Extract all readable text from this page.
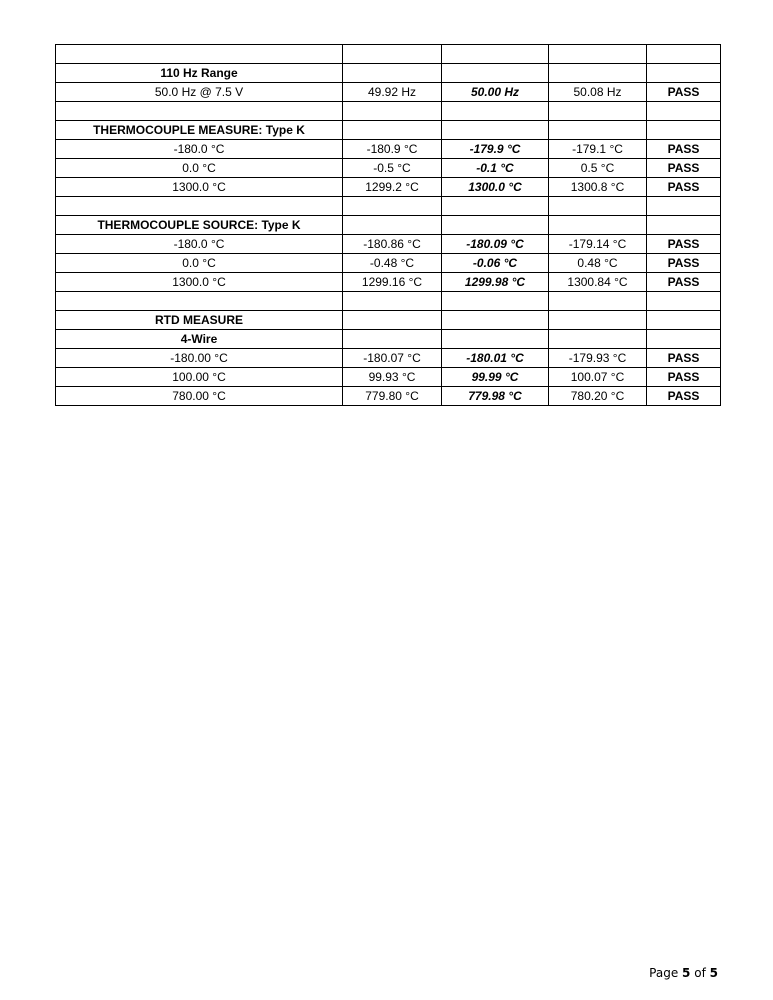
110 Hz Range				
50.0 Hz @ 7.5 V	49.92 Hz	50.00 Hz	50.08 Hz	PASS

THERMOCOUPLE MEASURE: Type K				
-180.0 °C	-180.9 °C	-179.9 °C	-179.1 °C	PASS
0.0 °C	-0.5 °C	-0.1 °C	0.5 °C	PASS
1300.0 °C	1299.2 °C	1300.0 °C	1300.8 °C	PASS

THERMOCOUPLE SOURCE: Type K				
-180.0 °C	-180.86 °C	-180.09 °C	-179.14 °C	PASS
0.0 °C	-0.48 °C	-0.06 °C	0.48 °C	PASS
1300.0 °C	1299.16 °C	1299.98 °C	1300.84 °C	PASS

RTD MEASURE				
4-Wire				
-180.00 °C	-180.07 °C	-180.01 °C	-179.93 °C	PASS
100.00 °C	99.93 °C	99.99 °C	100.07 °C	PASS
780.00 °C	779.80 °C	779.98 °C	780.20 °C	PASS
Page 5 of 5
